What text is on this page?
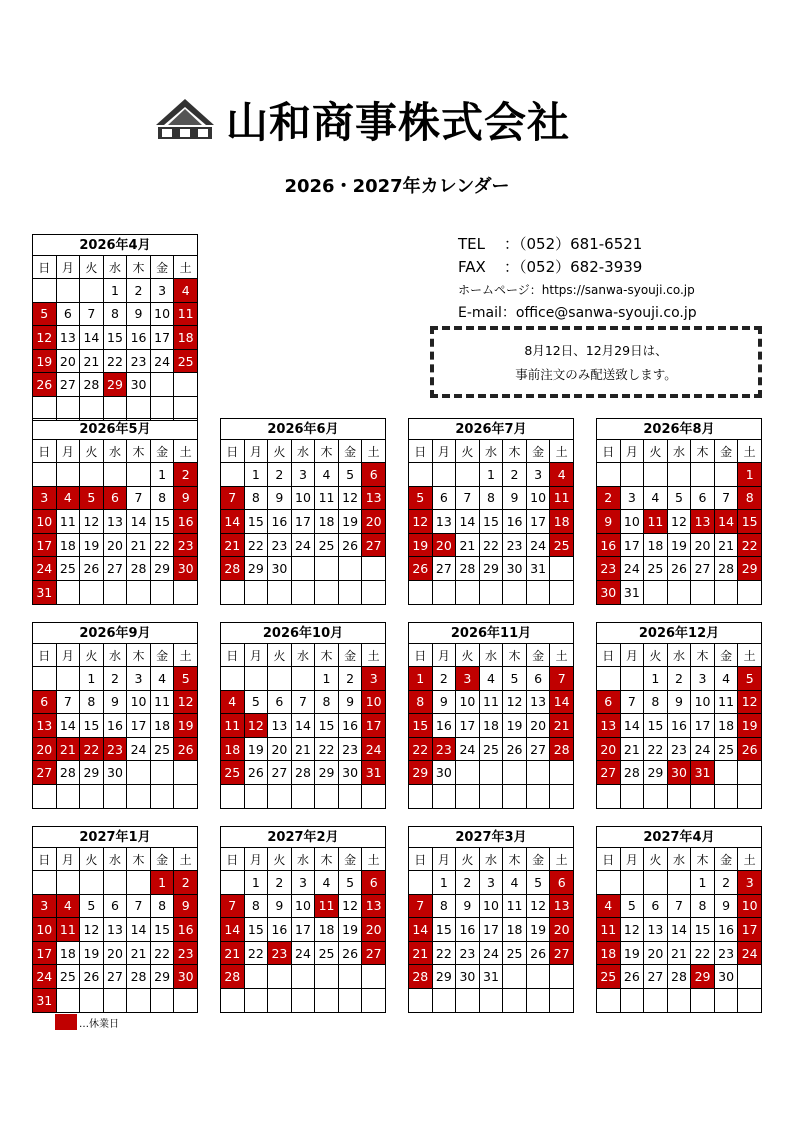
山和商事株式会社
2026・2027年カレンダー
TEL ：（052）681-6521
FAX ：（052）682-3939
ホームページ：https://sanwa-syouji.co.jp
E-mail：office@sanwa-syouji.co.jp
8月12日、12月29日は、
事前注文のみ配送致します。
2026年4月
日	月	火	水	木	金	土
			1	2	3	4
5	6	7	8	9	10	11
12	13	14	15	16	17	18
19	20	21	22	23	24	25
26	27	28	29	30		

2026年5月
日	月	火	水	木	金	土
					1	2
3	4	5	6	7	8	9
10	11	12	13	14	15	16
17	18	19	20	21	22	23
24	25	26	27	28	29	30
31						
2026年6月
日	月	火	水	木	金	土
	1	2	3	4	5	6
7	8	9	10	11	12	13
14	15	16	17	18	19	20
21	22	23	24	25	26	27
28	29	30				

2026年7月
日	月	火	水	木	金	土
			1	2	3	4
5	6	7	8	9	10	11
12	13	14	15	16	17	18
19	20	21	22	23	24	25
26	27	28	29	30	31	

2026年8月
日	月	火	水	木	金	土
						1
2	3	4	5	6	7	8
9	10	11	12	13	14	15
16	17	18	19	20	21	22
23	24	25	26	27	28	29
30	31					
2026年9月
日	月	火	水	木	金	土
		1	2	3	4	5
6	7	8	9	10	11	12
13	14	15	16	17	18	19
20	21	22	23	24	25	26
27	28	29	30			

2026年10月
日	月	火	水	木	金	土
				1	2	3
4	5	6	7	8	9	10
11	12	13	14	15	16	17
18	19	20	21	22	23	24
25	26	27	28	29	30	31

2026年11月
日	月	火	水	木	金	土
1	2	3	4	5	6	7
8	9	10	11	12	13	14
15	16	17	18	19	20	21
22	23	24	25	26	27	28
29	30					

2026年12月
日	月	火	水	木	金	土
		1	2	3	4	5
6	7	8	9	10	11	12
13	14	15	16	17	18	19
20	21	22	23	24	25	26
27	28	29	30	31		

2027年1月
日	月	火	水	木	金	土
					1	2
3	4	5	6	7	8	9
10	11	12	13	14	15	16
17	18	19	20	21	22	23
24	25	26	27	28	29	30
31						
2027年2月
日	月	火	水	木	金	土
	1	2	3	4	5	6
7	8	9	10	11	12	13
14	15	16	17	18	19	20
21	22	23	24	25	26	27
28						

2027年3月
日	月	火	水	木	金	土
	1	2	3	4	5	6
7	8	9	10	11	12	13
14	15	16	17	18	19	20
21	22	23	24	25	26	27
28	29	30	31			

2027年4月
日	月	火	水	木	金	土
				1	2	3
4	5	6	7	8	9	10
11	12	13	14	15	16	17
18	19	20	21	22	23	24
25	26	27	28	29	30	

…休業日
